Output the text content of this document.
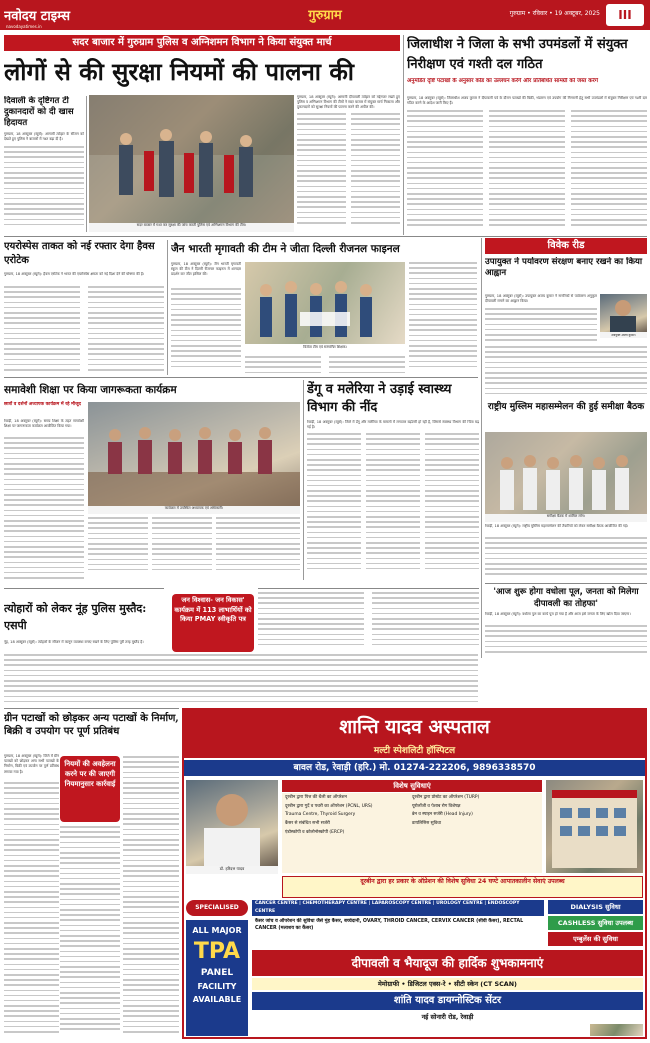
नवोदय टाइम्स
navodayatimes.in
गुरुग्राम	गुरुग्राम • रविवार • 19 अक्टूबर, 2025	III
सदर बाजार में गुरुग्राम पुलिस व अग्निशमन विभाग ने किया संयुक्त मार्च
लोगों से की सुरक्षा नियमों की पालना की
दिवाली के दृष्टिगत टी दुकानदारों को दी खास हिदायत
गुरुग्राम, 18 अक्टूबर (ब्यूरो): आगामी त्योहार के सीजन को देखते हुए पुलिस ने बाजारों में गश्त बढ़ा दी है।
सदर बाजार में गश्त कर सुरक्षा की जांच करती पुलिस एवं अग्निशमन विभाग की टीम।
गुरुग्राम, 18 अक्टूबर (ब्यूरो): आगामी दीपावली त्योहार को मद्देनजर रखते हुए पुलिस व अग्निशमन विभाग की टीमों ने सदर बाजार में संयुक्त मार्च निकाला और दुकानदारों को सुरक्षा नियमों की पालना करने की अपील की।
जिलाधीश ने जिला के सभी उपमंडलों में संयुक्त निरीक्षण एवं गश्ती दल गठित
अनुमंडित दृष्टि पटाखों के अनुसार कोड का उल्लंघन करेंगे और प्रतिबंधित सामग्री को जब्त करेंगे
गुरुग्राम, 18 अक्टूबर (ब्यूरो): जिलाधीश अजय कुमार ने दीपावली पर्व के दौरान पटाखों की बिक्री, भंडारण एवं उपयोग की निगरानी हेतु सभी उपमंडलों में संयुक्त निरीक्षण एवं गश्ती दल गठित करने के आदेश जारी किए हैं।
एयरोस्पेस ताकत को नई रफ्तार देगा हैवस एरोटेक
गुरुग्राम, 18 अक्टूबर (ब्यूरो): हैवस एरोटेक ने भारत की एयरोस्पेस क्षमता को नई दिशा देने की घोषणा की है।
जैन भारती मृगावती की टीम ने जीता दिल्ली रीजनल फाइनल
गुरुग्राम, 18 अक्टूबर (ब्यूरो): जैन भारती मृगावती स्कूल की टीम ने दिल्ली रीजनल फाइनल में शानदार प्रदर्शन कर जीत हासिल की।
विजेता टीम एवं सम्मानित शिक्षक।
विवेक रीड
उपायुक्त ने पर्यावरण संरक्षण बनाए रखने का किया आह्वान
गुरुग्राम, 18 अक्टूबर (ब्यूरो): उपायुक्त अजय कुमार ने नागरिकों से पर्यावरण अनुकूल दीपावली मनाने का आह्वान किया।
उपायुक्त अजय कुमार।
राष्ट्रीय मुस्लिम महासम्मेलन की हुई समीक्षा बैठक
समीक्षा बैठक में शामिल लोग।
रेवाड़ी, 18 अक्टूबर (ब्यूरो): राष्ट्रीय मुस्लिम महासम्मेलन की तैयारियों को लेकर समीक्षा बैठक आयोजित की गई।
'आज शुरू होगा वधोला पूल, जनता को मिलेगा दीपावली का तोहफा'
रेवाड़ी, 18 अक्टूबर (ब्यूरो): वधोला पुल का कार्य पूरा हो गया है और आज इसे जनता के लिए खोल दिया जाएगा।
समावेशी शिक्षा पर किया जागरूकता कार्यक्रम
छात्रों व दर्शनों अध्यापक कार्यक्रम में रहे मौजूद
रेवाड़ी, 18 अक्टूबर (ब्यूरो): समग्र शिक्षा के तहत समावेशी शिक्षा पर जागरूकता कार्यक्रम आयोजित किया गया।
कार्यक्रम में उपस्थित अध्यापक एवं अधिकारी।
डेंगू व मलेरिया ने उड़ाई स्वास्थ्य विभाग की नींद
रेवाड़ी, 18 अक्टूबर (ब्यूरो): जिले में डेंगू और मलेरिया के मामलों में लगातार बढ़ोतरी हो रही है, जिससे स्वास्थ्य विभाग की चिंता बढ़ गई है।
जन विश्वास- जन विकास' कार्यक्रम में 113 लाभार्थियों को किया PMAY स्वीकृति पत्र
त्योहारों को लेकर नूंह पुलिस मुस्तैद: एसपी
नूंह, 18 अक्टूबर (ब्यूरो): त्योहारों के सीजन में कानून व्यवस्था बनाए रखने के लिए पुलिस पूरी तरह मुस्तैद है।
शान्ति यादव अस्पताल
मल्टी स्पेशलिटी हॉस्पिटल
बावल रोड, रेवाड़ी (हरि.) मो. 01274-222206, 9896338570
डॉ. हरिदत्त यादव
विशेष सुविधाएं
दूरबीन द्वारा पित्त की थैली का ऑपरेशन	दूरबीन द्वारा प्रोस्टेट का ऑपरेशन (TURP)
दूरबीन द्वारा गुर्दे व पथरी का ऑपरेशन (PCNL, URS)	यूरोलॉजी व पेशाब रोग विशेषज्ञ
Trauma Centre, Thyroid Surgery	ब्रेन व स्पाइन सर्जरी (Head Injury)
कैंसर से संबंधित सभी सर्जरी	डायलिसिस सुविधा
एंडोस्कोपी व कोलोनोस्कोपी (ERCP)
दूरबीन द्वारा हर प्रकार के ऑप्रेशन की विशेष सुविधा 24 घण्टे आपातकालीन सेवाएं उपलब्ध
SPECIALISED
CANCER CENTRE | CHEMOTHERAPY CENTRE | LAPAROSCOPY CENTRE | UROLOGY CENTRE | ENDOSCOPY CENTRE
कैंसर जांच व ऑपरेशन की सुविधा जैसे मुंह कैंसर, बच्चेदानी, OVARY, THROID CANCER, CERVIX CANCER (सीवी कैंसर), RECTAL CANCER (मलाशय का कैंसर)
DIALYSIS सुविधा
CASHLESS सुविधा उपलब्ध
एम्बुलेंस की सुविधा
ALL MAJOR
TPA
PANEL
FACILITY
AVAILABLE
दीपावली व भैयादूज की हार्दिक शुभकामनाएं
मेमोग्राफी • डिजिटल एक्स-रे • सीटी स्केन (CT SCAN)
शांति यादव डायग्नोस्टिक सेंटर
नई सोनारी रोड, रेवाड़ी
ग्रीन पटाखों को छोड़कर अन्य पटाखों के निर्माण, बिक्री व उपयोग पर पूर्ण प्रतिबंध
गुरुग्राम, 18 अक्टूबर (ब्यूरो): जिले में ग्रीन पटाखों को छोड़कर अन्य सभी पटाखों के निर्माण, बिक्री एवं उपयोग पर पूर्ण प्रतिबंध लगाया गया है।
नियमों की अवहेलना करने पर की जाएगी नियमानुसार कार्रवाई
